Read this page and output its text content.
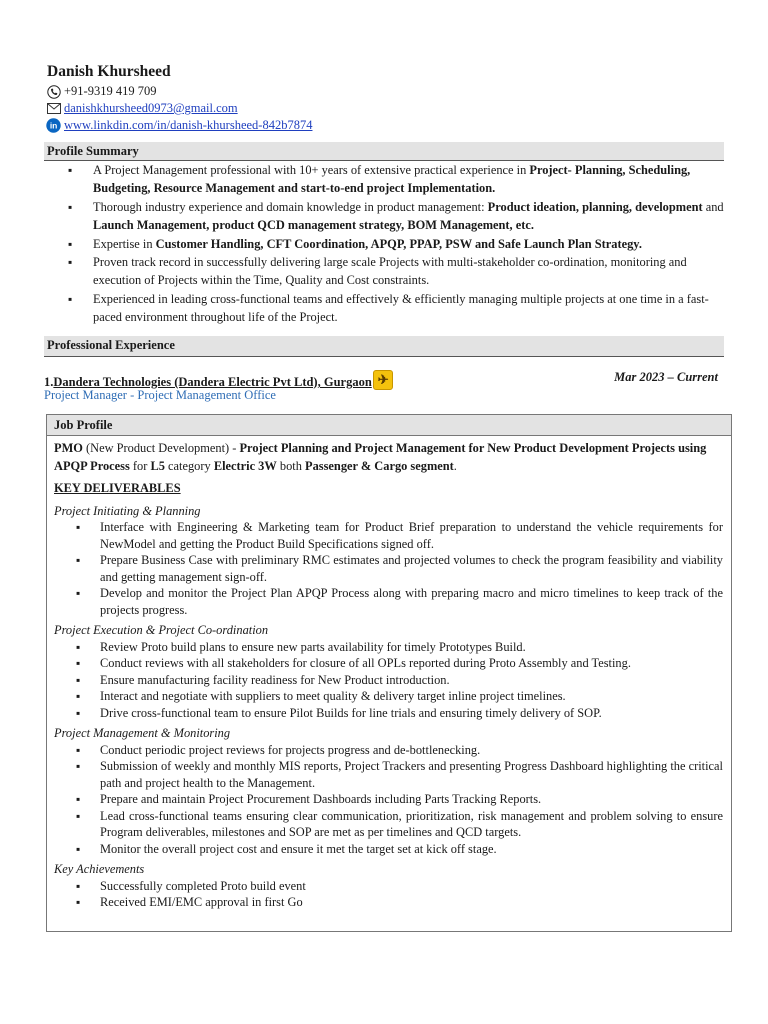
Danish Khursheed
+91-9319 419 709
danishkhursheed0973@gmail.com
in www.linkdin.com/in/danish-khursheed-842b7874
Profile Summary
▪ A Project Management professional with 10+ years of extensive practical experience in Project- Planning, Scheduling, Budgeting, Resource Management and start-to-end project Implementation.
▪ Thorough industry experience and domain knowledge in product management: Product ideation, planning, development and Launch Management, product QCD management strategy, BOM Management, etc.
▪ Expertise in Customer Handling, CFT Coordination, APQP, PPAP, PSW and Safe Launch Plan Strategy.
▪ Proven track record in successfully delivering large scale Projects with multi-stakeholder co-ordination, monitoring and execution of Projects within the Time, Quality and Cost constraints.
▪ Experienced in leading cross-functional teams and effectively & efficiently managing multiple projects at one time in a fast-paced environment throughout life of the Project.
Professional Experience
1.Dandera Technologies (Dandera Electric Pvt Ltd), Gurgaon ✈	Mar 2023 – Current
Project Manager - Project Management Office
Job Profile
PMO (New Product Development) - Project Planning and Project Management for New Product Development Projects using APQP Process for L5 category Electric 3W both Passenger & Cargo segment.
KEY DELIVERABLES
Project Initiating & Planning
▪ Interface with Engineering & Marketing team for Product Brief preparation to understand the vehicle requirements for NewModel and getting the Product Build Specifications signed off.
▪ Prepare Business Case with preliminary RMC estimates and projected volumes to check the program feasibility and viability and getting management sign-off.
▪ Develop and monitor the Project Plan APQP Process along with preparing macro and micro timelines to keep track of the projects progress.
Project Execution & Project Co-ordination
▪ Review Proto build plans to ensure new parts availability for timely Prototypes Build.
▪ Conduct reviews with all stakeholders for closure of all OPLs reported during Proto Assembly and Testing.
▪ Ensure manufacturing facility readiness for New Product introduction.
▪ Interact and negotiate with suppliers to meet quality & delivery target inline project timelines.
▪ Drive cross-functional team to ensure Pilot Builds for line trials and ensuring timely delivery of SOP.
Project Management & Monitoring
▪ Conduct periodic project reviews for projects progress and de-bottlenecking.
▪ Submission of weekly and monthly MIS reports, Project Trackers and presenting Progress Dashboard highlighting the critical path and project health to the Management.
▪ Prepare and maintain Project Procurement Dashboards including Parts Tracking Reports.
▪ Lead cross-functional teams ensuring clear communication, prioritization, risk management and problem solving to ensure Program deliverables, milestones and SOP are met as per timelines and QCD targets.
▪ Monitor the overall project cost and ensure it met the target set at kick off stage.
Key Achievements
▪ Successfully completed Proto build event
▪ Received EMI/EMC approval in first Go
